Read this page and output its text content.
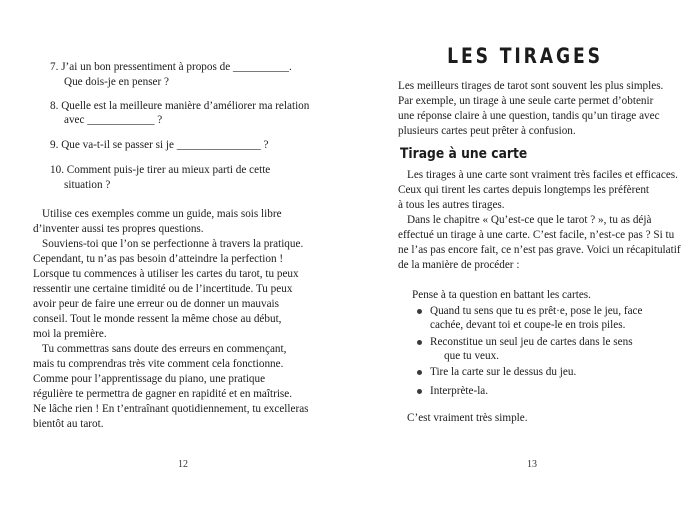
7. J’ai un bon pressentiment à propos de __________.
Que dois-je en penser ?
8. Quelle est la meilleure manière d’améliorer ma relation
avec ____________ ?
9. Que va-t-il se passer si je _______________ ?
10. Comment puis-je tirer au mieux parti de cette
situation ?
Utilise ces exemples comme un guide, mais sois libre
d’inventer aussi tes propres questions.
Souviens-toi que l’on se perfectionne à travers la pratique.
Cependant, tu n’as pas besoin d’atteindre la perfection !
Lorsque tu commences à utiliser les cartes du tarot, tu peux
ressentir une certaine timidité ou de l’incertitude. Tu peux
avoir peur de faire une erreur ou de donner un mauvais
conseil. Tout le monde ressent la même chose au début,
moi la première.
Tu commettras sans doute des erreurs en commençant,
mais tu comprendras très vite comment cela fonctionne.
Comme pour l’apprentissage du piano, une pratique
régulière te permettra de gagner en rapidité et en maîtrise.
Ne lâche rien ! En t’entraînant quotidiennement, tu excelleras
bientôt au tarot.
12
LES TIRAGES
Les meilleurs tirages de tarot sont souvent les plus simples.
Par exemple, un tirage à une seule carte permet d’obtenir
une réponse claire à une question, tandis qu’un tirage avec
plusieurs cartes peut prêter à confusion.
Tirage à une carte
Les tirages à une carte sont vraiment très faciles et efficaces.
Ceux qui tirent les cartes depuis longtemps les préfèrent
à tous les autres tirages.
Dans le chapitre « Qu’est-ce que le tarot ? », tu as déjà
effectué un tirage à une carte. C’est facile, n’est-ce pas ? Si tu
ne l’as pas encore fait, ce n’est pas grave. Voici un récapitulatif
de la manière de procéder :
Pense à ta question en battant les cartes.
Quand tu sens que tu es prêt·e, pose le jeu, face
cachée, devant toi et coupe-le en trois piles.
Reconstitue un seul jeu de cartes dans le sens
que tu veux.
Tire la carte sur le dessus du jeu.
Interprète-la.
C’est vraiment très simple.
13
